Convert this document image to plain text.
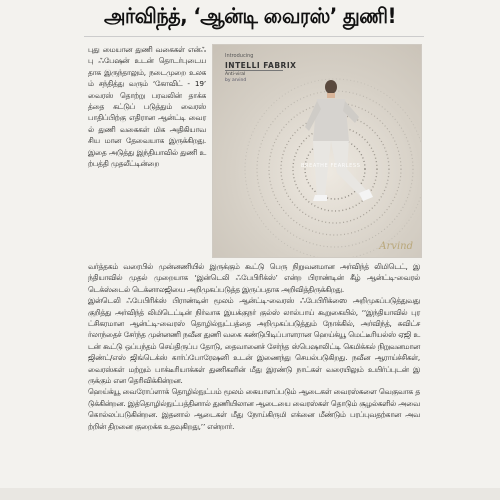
அர்விந்த், ‘ஆன்டி வைரஸ்’ துணி!

புது மையான துணி வகைகள் என்ஃபு ஃபேஷன் உடன் தொடர்புடையதாக இருந்தாலும், நடைமுறை உலகம் சந்தித்து வரும் ‘கோவிட் - 19’ வைரஸ் தொற்று பரவலின் தாக்கத்தை கட்டுப் படுத்தும் வைரஸ் பாதிப்பிற்கு எதிரான ஆன்ட்டி வைரல் துணி வகைகள் மிக அதிகியாவசிய மான தேவையாக இருக்கிறது. இதை அடுத்து இந்தியாவில் துணி உற்பத்தி முதலீட்டின்றை

Introducing
INTELLI FABRIX
Anti-viral
by arvind
BREATHE FEARLESS
Arvind

வர்த்தகம் வரைபில் முன்னணியில் இருக்கும் கூட்டு பெரு நிறுவனமான அர்விந்த் லிமிடெட், இந்தியாவில் முதல் முறையாக ‘இன்டெலி ஃபேபிரிக்ஸ்’ என்ற பிராண்டின் கீழ் ஆன்ட்டி-வைரல் டெக்ஸ்டைல் டெக்னாலஜியை அறிமுகப்படுத்த இருப்பதாக அறிவித்திருக்கிறது.

இன்டெலி ஃபேபிரிக்ஸ் பிராண்டின் மூலம் ஆன்ட்டி-வைரஸ் ஃபேபிரிக்ஸை அறிமுகப்படுத்துவது குறித்து அர்விந்த் லிமிடெட்டின் நிர்வாக இயக்குநர் குல்ஸ் லால்பாய் கூறுகையில், ‘‘இந்தியாவில் புரட்சிகரமான ஆன்ட்டி-வைரஸ் தொழில்நுட்பத்தை அறிமுகப்படுத்தும் நோக்கில், அர்விந்த், சுவிட்சர்லாந்தைச் சேர்ந்த முன்னணி நவீன துணி வகை கண்டுபிடிப்பாளரான ஹெய்க்யூ மெட்டீரியல்ஸ் ஏஜி உடன் கூட்டு ஒப்பந்தம் செய்திருப்ப தோடு, தைவானைச் சேர்ந்த ஸ்பெஷாலிட்டி கெமிக்கல் நிறுவனமான ஜிண்ட்/எஸ் ஜிங்டெக்ஸ் கார்ப்போரேஷனி உடன் இணைந்து செயல்படுகிறது. நவீன ஆராய்ச்சிகள், வைரஸ்கள் மற்றும் பாக்டீரியாக்கள் துணிகளின் மீது இரண்டு நாட்கள் வரையிலும் உயிர்ப்புடன் இருக்கும் என தெரிவிக்கின்றன.

ஹெய்க்யூ வைரோப்ளாக் தொழில்நுட்பம் மூலம் கையாளப்படும் ஆடைகள் வைரஸ்களை வெகுவாக தடுக்கின்றன. இத்தொழில்நுட்பத்தினால் துணியிலான ஆடையை வைரஸ்கள் தொடும் சூழல்களில் அவை கொல்லப்படுகின்றன. இதனால் ஆடைகள் மீது நோய்கிருமி எக்னை மீண்டும் பரப்புவதற்கான அவற்றின் திறனை குறைக்க உதவுகிறது,’’ என்றார்.
